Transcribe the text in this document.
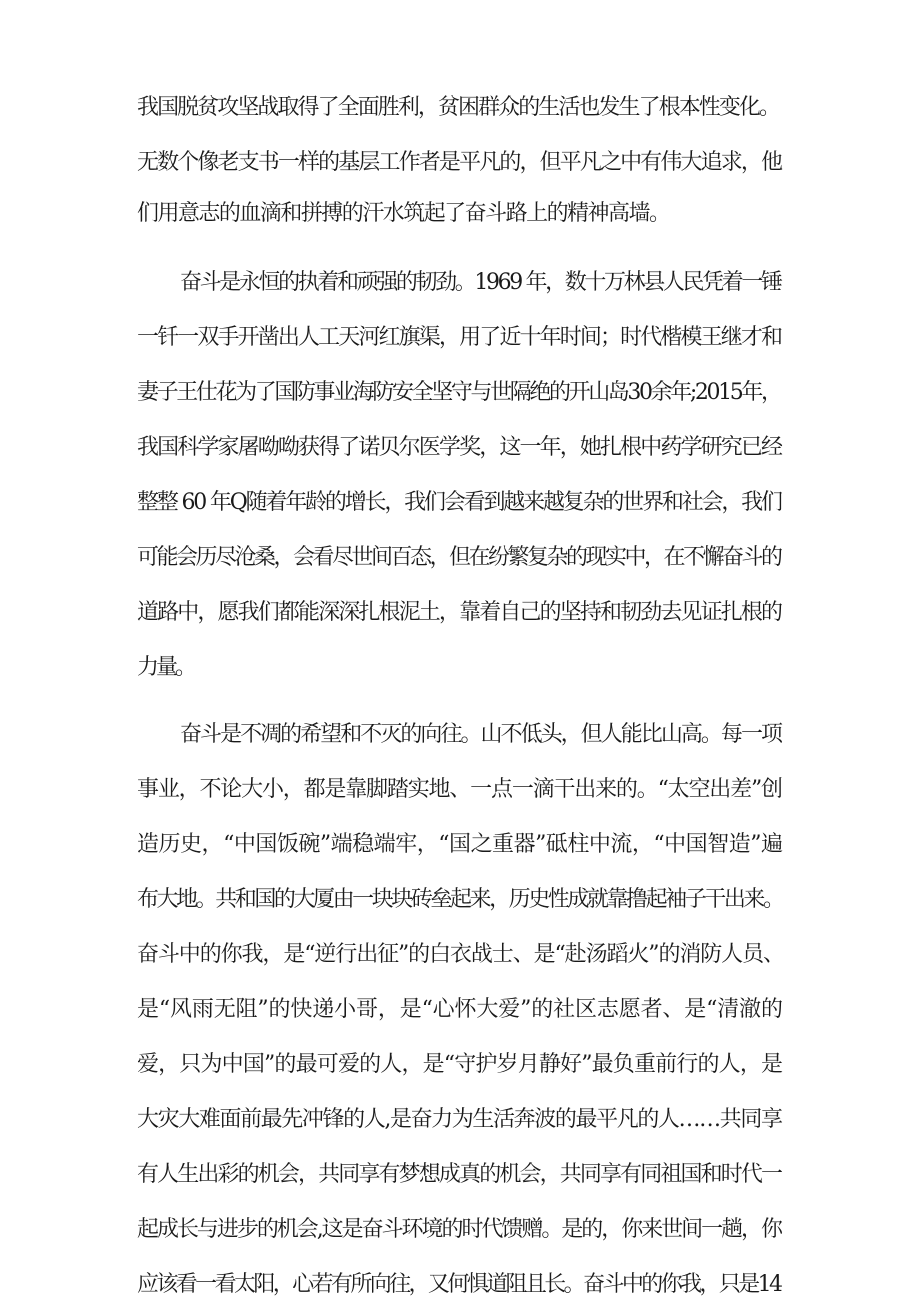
我国脱贫攻坚战取得了全面胜利，贫困群众的生活也发生了根本性变化。
无数个像老支书一样的基层工作者是平凡的，但平凡之中有伟大追求，他
们用意志的血滴和拼搏的汗水筑起了奋斗路上的精神高墙。
奋斗是永恒的执着和顽强的韧劲。1969 年，数十万林县人民凭着一锤
一钎一双手开凿出人工天河红旗渠，用了近十年时间；时代楷模王继才和
妻子王仕花为了国防事业海防安全坚守与世隔绝的开山岛30余年;2015年，
我国科学家屠呦呦获得了诺贝尔医学奖，这一年，她扎根中药学研究已经
整整 60 年Q随着年龄的增长，我们会看到越来越复杂的世界和社会，我们
可能会历尽沧桑，会看尽世间百态，但在纷繁复杂的现实中，在不懈奋斗的
道路中，愿我们都能深深扎根泥土，靠着自己的坚持和韧劲去见证扎根的
力量。
奋斗是不凋的希望和不灭的向往。山不低头，但人能比山高。每一项
事业，不论大小，都是靠脚踏实地、一点一滴干出来的。“太空出差”创
造历史，“中国饭碗”端稳端牢，“国之重器”砥柱中流，“中国智造”遍
布大地。共和国的大厦由一块块砖垒起来，历史性成就靠撸起袖子干出来。
奋斗中的你我，是“逆行出征”的白衣战士、是“赴汤蹈火”的消防人员、
是“风雨无阻”的快递小哥，是“心怀大爱”的社区志愿者、是“清澈的
爱，只为中国”的最可爱的人，是“守护岁月静好”最负重前行的人，是
大灾大难面前最先冲锋的人,是奋力为生活奔波的最平凡的人……共同享
有人生出彩的机会，共同享有梦想成真的机会，共同享有同祖国和时代一
起成长与进步的机会,这是奋斗环境的时代馈赠。是的，你来世间一趟，你
应该看一看太阳，心若有所向往，又何惧道阻且长。奋斗中的你我，只是14
